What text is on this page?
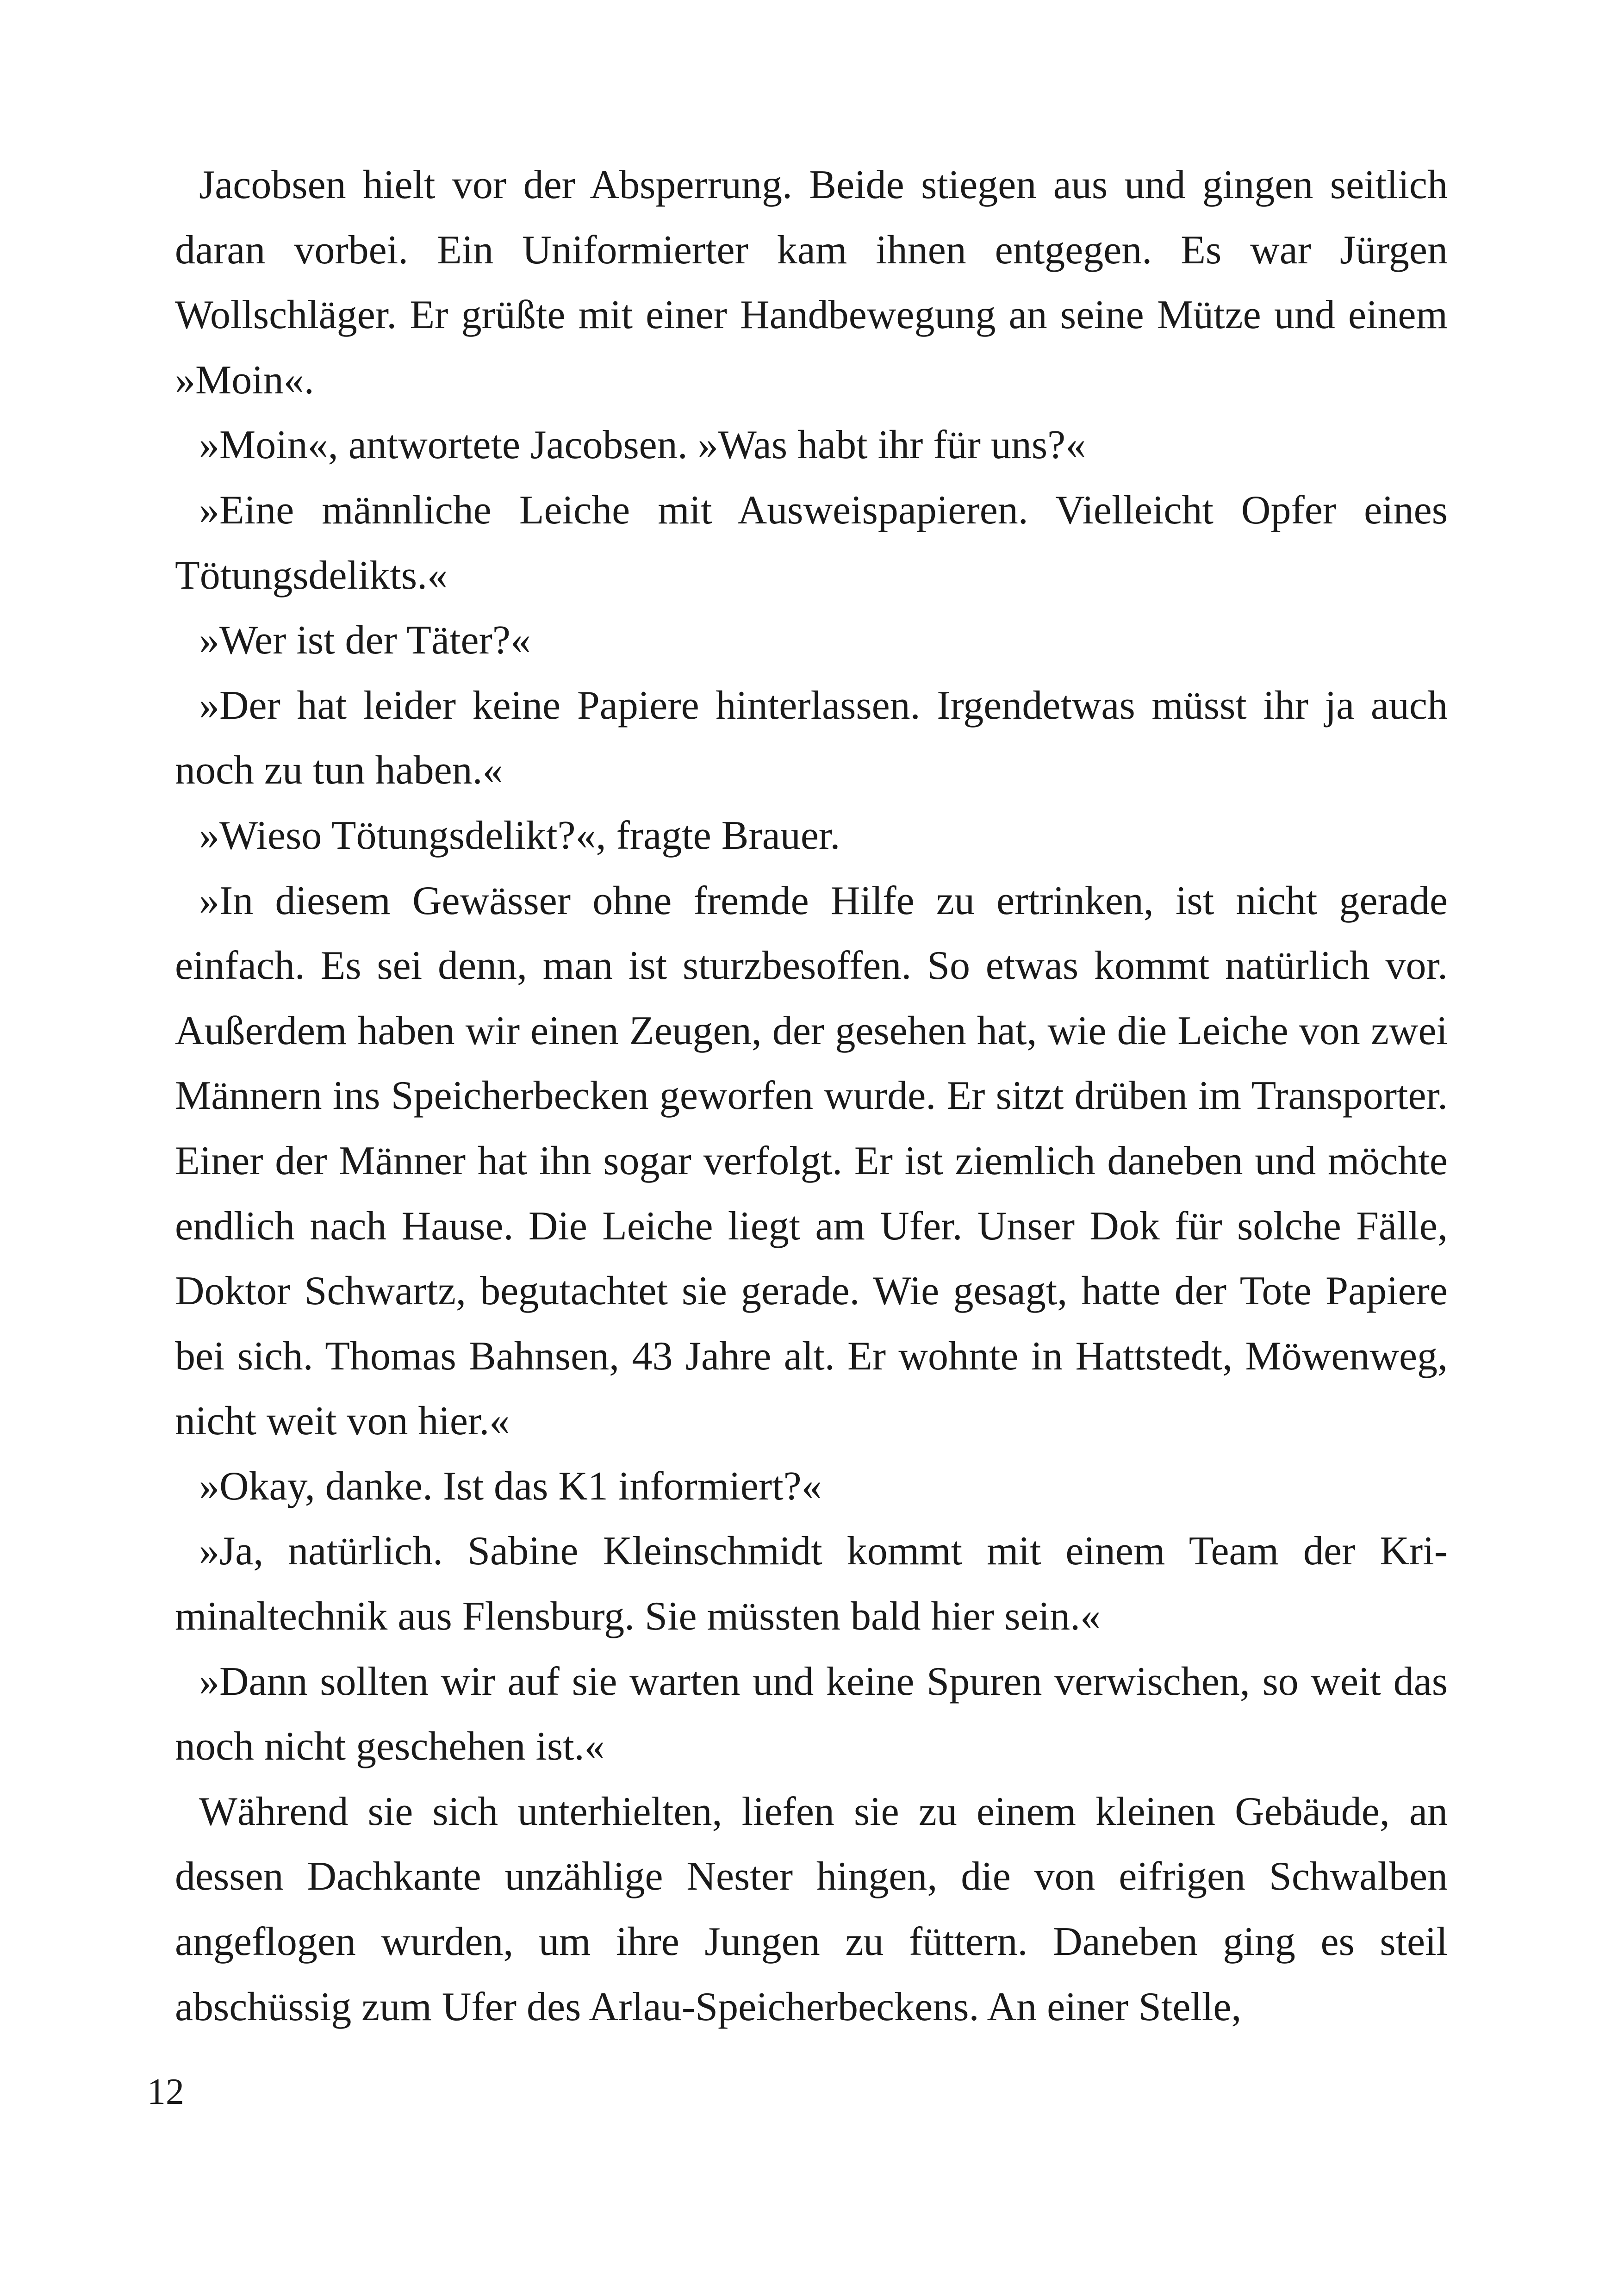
Jacobsen hielt vor der Absperrung. Beide stiegen aus und gingen seitlich daran vorbei. Ein Uniformierter kam ihnen entgegen. Es war Jürgen Wollschläger. Er grüßte mit einer Handbewegung an seine Mütze und einem »Moin«.

»Moin«, antwortete Jacobsen. »Was habt ihr für uns?«

»Eine männliche Leiche mit Ausweispapieren. Vielleicht Opfer eines Tötungsdelikts.«

»Wer ist der Täter?«

»Der hat leider keine Papiere hinterlassen. Irgendetwas müsst ihr ja auch noch zu tun haben.«

»Wieso Tötungsdelikt?«, fragte Brauer.

»In diesem Gewässer ohne fremde Hilfe zu ertrinken, ist nicht gerade einfach. Es sei denn, man ist sturzbesoffen. So etwas kommt natürlich vor. Außerdem haben wir einen Zeugen, der gesehen hat, wie die Leiche von zwei Männern ins Speicherbecken geworfen wurde. Er sitzt drüben im Transporter. Einer der Männer hat ihn sogar verfolgt. Er ist ziemlich daneben und möchte endlich nach Hause. Die Leiche liegt am Ufer. Unser Dok für solche Fälle, Doktor Schwartz, begutachtet sie gerade. Wie gesagt, hatte der Tote Papiere bei sich. Thomas Bahnsen, 43 Jahre alt. Er wohnte in Hattstedt, Möwenweg, nicht weit von hier.«

»Okay, danke. Ist das K1 informiert?«

»Ja, natürlich. Sabine Kleinschmidt kommt mit einem Team der Kriminaltechnik aus Flensburg. Sie müssten bald hier sein.«

»Dann sollten wir auf sie warten und keine Spuren verwischen, so weit das noch nicht geschehen ist.«

Während sie sich unterhielten, liefen sie zu einem kleinen Gebäude, an dessen Dachkante unzählige Nester hingen, die von eifrigen Schwalben angeflogen wurden, um ihre Jungen zu füttern. Daneben ging es steil abschüssig zum Ufer des Arlau-Speicherbeckens. An einer Stelle,

12
